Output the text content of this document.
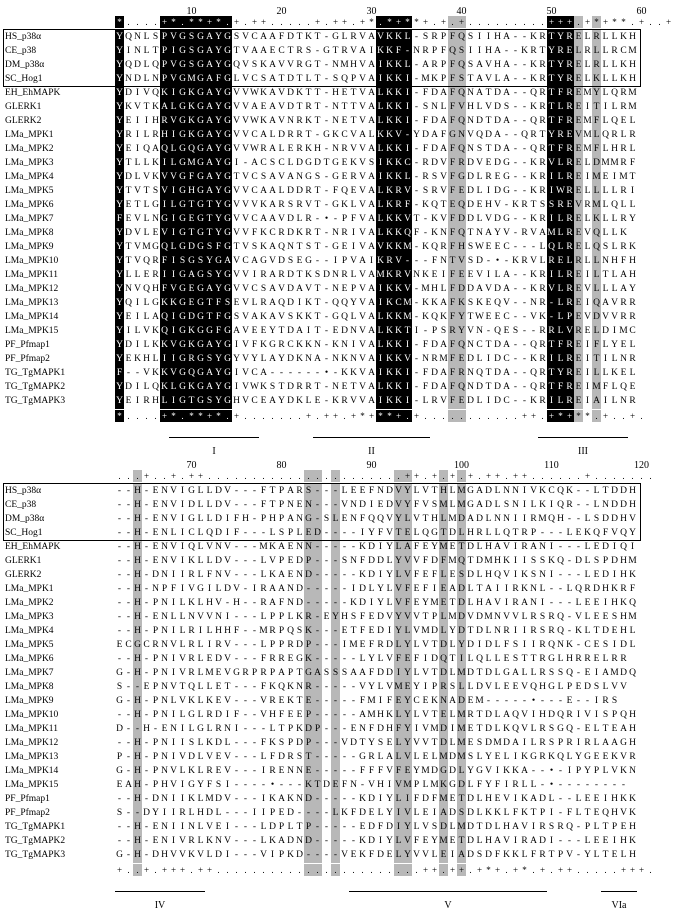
10	20	30	40	50	60
* . . . . + * . * * + * . + . + + . . . . . + . + + . + * . * + * * + . + . + . . . . . . . . . + + + . + * + * * . + . . +
HS_p38α	Y Q N L S P V G S G A Y G S V C A A F D T K T - G L R V A V K K L - S R P F Q S I I H A - - K R T Y R E L R L L K H
CE_p38	Y I N L T P I G S G A Y G T V A A E C T R S - G T R V A I K K F - N R P F Q S I I H A - - K R T Y R E L R L L R C M
DM_p38α	Y Q D L Q P V G S G A Y G Q V S K A V V R G T - N M H V A I K K L - A R P F Q S A V H A - - K R T Y R E L R L L K H
SC_Hog1	Y N D L N P V G M G A F G L V C S A T D T L T - S Q P V A I K K I - M K P F S T A V L A - - K R T Y R E L K L L K H
EH_EhMAPK	Y D I V Q K I G K G A Y G V V W K A V D K T T - H E T V A L K K I - F D A F Q N A T D A - - Q R T F R E M Y L Q R M
GLERK1	Y K V T K A L G K G A Y G V V A E A V D T R T - N T T V A L K K I - S N L F V H L V D S - - K R T L R E I T I L R M
GLERK2	Y E I I H R V G K G A Y G V V W K A V N R K T - N E T V A L K K I - F D A F Q N D T D A - - Q R T F R E M F L Q E L
LMa_MPK1	Y R I L R H I G K G A Y G V V C A L D R R T - G K C V A L K K V - Y D A F G N V Q D A - - Q R T Y R E V M L Q R L R
LMa_MPK2	Y E I Q A Q L G Q G A Y G V V W R A L E R K H - N R V V A L K K I - F D A F Q N S T D A - - Q R T F R E M F L H R L
LMa_MPK3	Y T L L K I L G M G A Y G I - A C S C L D G D T G E K V S I K K C - R D V F R D V E D G - - K R V L R E L D M M R F
LMa_MPK4	Y D L V K V V G F G A Y G T V C S A V A N G S - G E R V A I K K L - R S V F G D L R E G - - K R I L R E I M E I M T
LMa_MPK5	Y T V T S V I G H G A Y G V V C A A L D D R T - F Q E V A L K R V - S R V F E D L I D G - - K R I W R E L L L L R I
LMa_MPK6	Y E T L G I L G T G T Y G V V V K A R S R V T - G K L V A L K R F - K Q T E Q D E H V - K R T S S R E V R M L Q L L
LMa_MPK7	F E V L N G I G E G T Y G V V C A A V D L R - • - P F V A L K K V T - K V F D D L V D G - - K R I L R E L K L L R Y
LMa_MPK8	Y D V L E V I G T G T Y G V V F K C R D K R T - N R I V A L K K Q F - K N F Q T N A Y V - R V A M L R E V Q L L K
LMa_MPK9	Y T V M G Q L G D G S F G T V S K A Q N T S T - G E I V A V K K M - K Q R F H S W E E C - - - L Q L R E L Q S L R K
LMa_MPK10	Y T V Q R F I S G S Y G A V C A G V D S E G - - I P V A I K R V - - - F N T V S D - • - K R V L R E L R L L N H F H
LMa_MPK11	Y L L E R I I G A G S Y G V V I R A R D T K S D N R L V A M K R V N K E I F E E V I L A - - K R I L R E I L T L A H
LMa_MPK12	Y N V Q H F V G E G A Y G V V C S A V D A V T - N E P V A I K K V - M H L F D D A V D A - - K R V L R E V L L L A Y
LMa_MPK13	Y Q I L G K K G E G T F S E V L R A Q D I K T - Q Q Y V A I K C M - K K A F K S K E Q V - - N R - L R E I Q A V R R
LMa_MPK14	Y E I L A Q I G D G T F G S V A K A V S K K T - G Q L V A L K K M - K Q K F Y T W E E C - - V K - L P E V D V V R R
LMa_MPK15	Y I L V K Q I G K G G F G A V E E Y T D A I T - E D N V A L K K T I - P S R Y V N - Q E S - - R R L V R E L D I M C
PF_Pfmap1	Y D I L K K V G K G A Y G I V F K G R C K K N - K N I V A L K K I - F D A F Q N C T D A - - Q R T F R E I F L Y E L
PF_Pfmap2	Y E K H L I I G R G S Y G Y V Y L A Y D K N A - N K N V A I K K V - N R M F E D L I D C - - K R I L R E I T I L N R
TG_TgMAPK1	F - - V K K V G Q G A Y G I V C A - - - - - - • - K K V A I K K I - F D A F R N Q T D A - - Q R T Y R E I L L K E L
TG_TgMAPK2	Y D I L Q K L G K G A Y G I V W K S T D R R T - N E T V A L K K I - F D A F Q N D T D A - - Q R T F R E I M F L Q E
TG_TgMAPK3	Y E I R H L I G T G S Y G H V C E A Y D K L E - K R V V A I K K I - L R V F E D L I D C - - K R I L R E I A I L N R
* . . . . + * . * * + * . + . . . . . . . + . + + . + * + * * + . + . . . . . . . . . . . + + . + * + * * . + . . + .
I	II	III
70	80	90	100	110	120
. . . + . . + . + + . . . . . . . . . . . . . . . . . . . . . . + + . + . + . + . + + . + + . . . . . . + . . . . . . .
HS_p38α	- - H - E N V I G L L D V - - - F T P A R S - - - L E E F N D V Y L V T H L M G A D L N N I V K C Q K - - L T D D H
CE_p38	- - H - E N V I D L L D V - - - F T P N E N - - - V N D I E D V Y F V S M L M G A D L S N I L K I Q R - - L N D D H
DM_p38α	- - H - E N V I G L L D I F H - P H P A N G - S L E N F Q Q V Y L V T H L M D A D L N N I I R M Q H - - L S D D H V
SC_Hog1	- - H - E N L I C L Q D I F - - - L S P L E D - - - - I Y F V T E L Q G T D L H R L L Q T R P - - - L E K Q F V Q Y
EH_EhMAPK	- - H - E N V I Q L V N V - - - M K A E N N - - - - - K D I Y L A F E Y M E T D L H A V I R A N I - - - L E D I Q I
GLERK1	- - H - E N V I K L L D V - - - L V P E D P - - - S N F D D L Y V V F D F M Q T D M H K I I S S K Q - D L S P D H M
GLERK2	- - H - D N I I R L F N V - - - L K A E N D - - - - - K D I Y L V F E F L E S D L H Q V I K S N I - - - L E D I H K
LMa_MPK1	- - H - N P F I V G I L D V - I R A A N D - - - - - I D L Y L V F E F I E A D L T A I I R K N L - - L Q R D H K R F
LMa_MPK2	- - H - P N I L K L H V - H - - R A F N D - - - - - K D I Y L V F E Y M E T D L H A V I R A N I - - - L E E I H K Q
LMa_MPK3	- - H - E N L L N V V N I - - - L P P L K R - E Y H S F E D V Y V V T P L M D V D M N V V L R S R Q - V L E E S H M
LMa_MPK4	- - H - P N I L R I L H H F - - M R P Q S K - - - E T F E D I Y L V M D L Y D T D L N R I I R S R Q - K L T D E H L
LMa_MPK5	E C G C R N V L R L I R V - - - L P P R D P - - - I M E F R D L Y L V T D L Y D I D L F S I I R Q N K - C E S I D L
LMa_MPK6	- - H - P N I V R L E D V - - - F R R E G K - - - - - L Y L V F E F I D Q T I L Q L L E S T T R G L H R R E L R R
LMa_MPK7	G - H - P N I V R L M E V G R P R P A P T G A S S S A A F D D I Y L V T D L M D T D L G A L L R S S Q - E I A M D Q
LMa_MPK8	S - - E P N V T Q L L E T - - - F K Q K N R - - - - - V Y L V M E Y I P R S L L D V L E E V Q H G L P E D S L V V
LMa_MPK9	G - H - P N L V K L K E V - - - V R E K T E - - - - - F M I F E Y C E K N A D E M - - - - - • - - - E - - I R S
LMa_MPK10	- - H - P N I L G L R D I F - - V H F E E P - - - - - A M H K L Y L V T E L M R T D L A Q V I H D Q R I V I S P Q H
LMa_MPK11	D - - H - E N I L G L R N I - - - L T P K D P - - - E N F D H F Y I V M D I M E T D L K Q V L R S G Q - E L T E A H
LMa_MPK12	- - H - P N I I S L K D L - - - F K S P D P - - - V D T Y S E L Y V V T D L M E S D M D A I L R S P R I R L A A G H
LMa_MPK13	P - H - P N I V D L V E V - - - L F D R S T - - - - - G R L A L V L E L M D M S L Y E L I K G R K Q L Y G E E K V R
LMa_MPK14	G - H - P N V L K L R E V - - - I R E N N E - - - - - F F F V F E Y M D G D L Y G V I K K A - - • - I P Y P L V K N
LMa_MPK15	E A H - P H V I G Y F S I - - - - • - - - K T D E F N - V H I V M P L M K G D L F Y F I R L L - • - - - - - - - -
PF_Pfmap1	- - H - D N I I K L M D V - - - I K A K N D - - - - - K D I Y L I F D F M E T D L H E V I K A D L - - L E E I H K K
PF_Pfmap2	S - - D Y I I R L H D L - - - I I P E D - - - - L K F D E L Y I V L E I A D S D L K K L F K T P I - F L T E Q H V K
TG_TgMAPK1	- - H - E N I I N L V E I - - - L D P L T P - - - - - E D F D I Y L V S D L M D T D L H A V I R S R Q - P L T P E H
TG_TgMAPK2	- - H - E N I V R L K N V - - - L K A D N D - - - - - K D I Y L V F E Y M E T D L H A V I R A D I - - - L E E I H K
TG_TgMAPK3	G - H - D H V V K V L D I - - - V I P K D - - - - V E K F D E L Y V V L E I A D S D F K K L F R T P V - Y L T E L H
+ . . + . + + + . + + . . . . . . . . . . . . . . . . . . . . . . . + + . + + . + * + . + * . + . + + . . . . . + + + .
IV	V	VIa
